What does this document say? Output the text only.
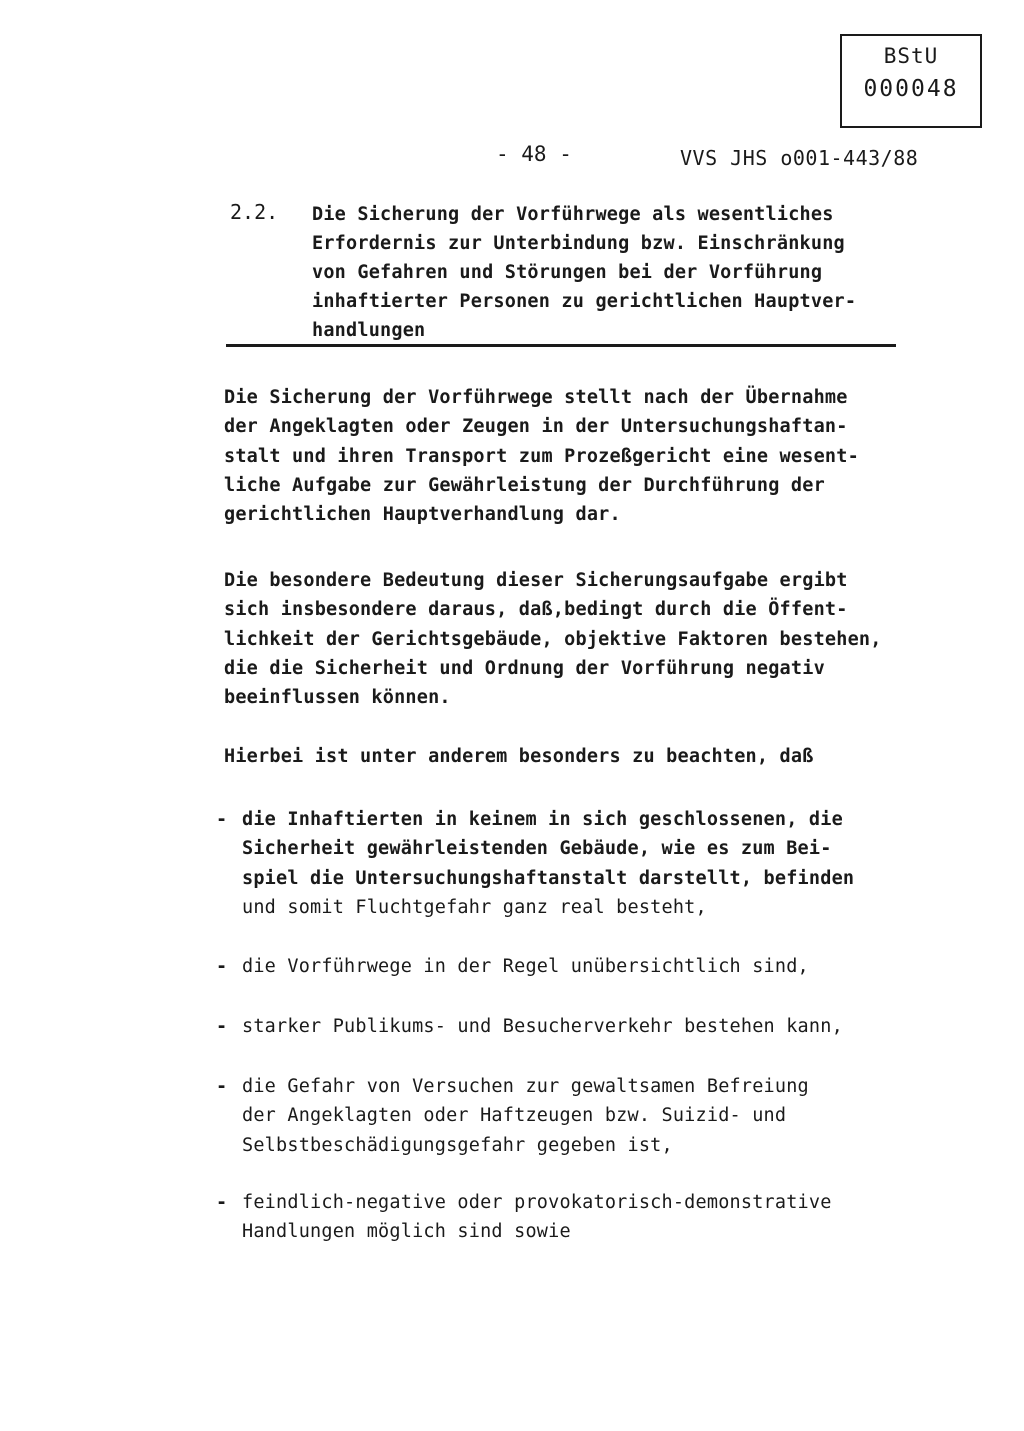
BStU
000048
- 48 -	VVS JHS o001-443/88
2.2. Die Sicherung der Vorführwege als wesentliches
Erfordernis zur Unterbindung bzw. Einschränkung
von Gefahren und Störungen bei der Vorführung
inhaftierter Personen zu gerichtlichen Hauptver-
handlungen
Die Sicherung der Vorführwege stellt nach der Übernahme
der Angeklagten oder Zeugen in der Untersuchungshaftan-
stalt und ihren Transport zum Prozeßgericht eine wesent-
liche Aufgabe zur Gewährleistung der Durchführung der
gerichtlichen Hauptverhandlung dar.
Die besondere Bedeutung dieser Sicherungsaufgabe ergibt
sich insbesondere daraus, daß,bedingt durch die Öffent-
lichkeit der Gerichtsgebäude, objektive Faktoren bestehen,
die die Sicherheit und Ordnung der Vorführung negativ
beeinflussen können.
Hierbei ist unter anderem besonders zu beachten, daß
- die Inhaftierten in keinem in sich geschlossenen, die
Sicherheit gewährleistenden Gebäude, wie es zum Bei-
spiel die Untersuchungshaftanstalt darstellt, befinden
und somit Fluchtgefahr ganz real besteht,
- die Vorführwege in der Regel unübersichtlich sind,
- starker Publikums- und Besucherverkehr bestehen kann,
- die Gefahr von Versuchen zur gewaltsamen Befreiung
der Angeklagten oder Haftzeugen bzw. Suizid- und
Selbstbeschädigungsgefahr gegeben ist,
- feindlich-negative oder provokatorisch-demonstrative
Handlungen möglich sind sowie
